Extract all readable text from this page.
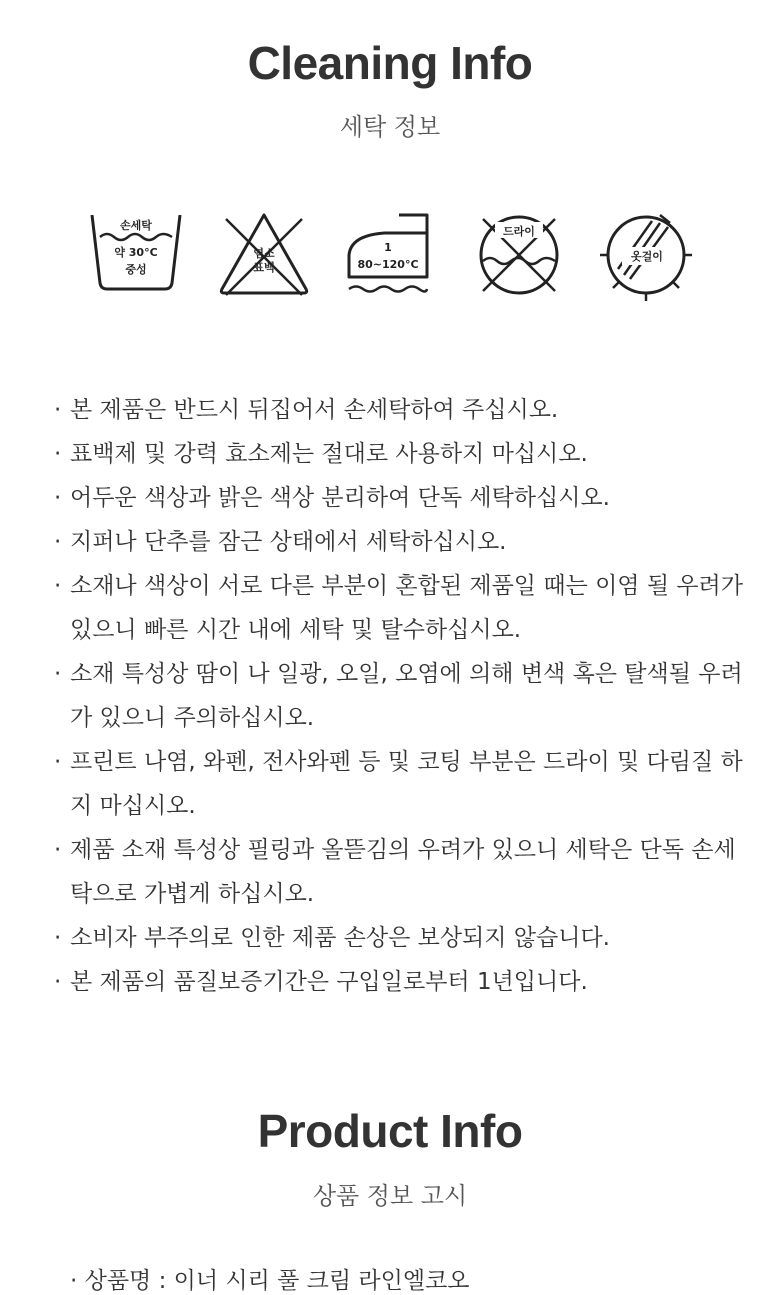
Cleaning Info

세탁 정보

손세탁
약 30°C
중성
염소
표백
1
80~120°C
드라이
옷걸이
· 본 제품은 반드시 뒤집어서 손세탁하여 주십시오.
· 표백제 및 강력 효소제는 절대로 사용하지 마십시오.
· 어두운 색상과 밝은 색상 분리하여 단독 세탁하십시오.
· 지퍼나 단추를 잠근 상태에서 세탁하십시오.
· 소재나 색상이 서로 다른 부분이 혼합된 제품일 때는 이염 될 우려가 있으니 빠른 시간 내에 세탁 및 탈수하십시오.
· 소재 특성상 땀이 나 일광, 오일, 오염에 의해 변색 혹은 탈색될 우려가 있으니 주의하십시오.
· 프린트 나염, 와펜, 전사와펜 등 및 코팅 부분은 드라이 및 다림질 하지 마십시오.
· 제품 소재 특성상 필링과 올뜯김의 우려가 있으니 세탁은 단독 손세탁으로 가볍게 하십시오.
· 소비자 부주의로 인한 제품 손상은 보상되지 않습니다.
· 본 제품의 품질보증기간은 구입일로부터 1년입니다.
Product Info

상품 정보 고시

· 상품명 : 이너 시리 풀 크림 라인엘코오
